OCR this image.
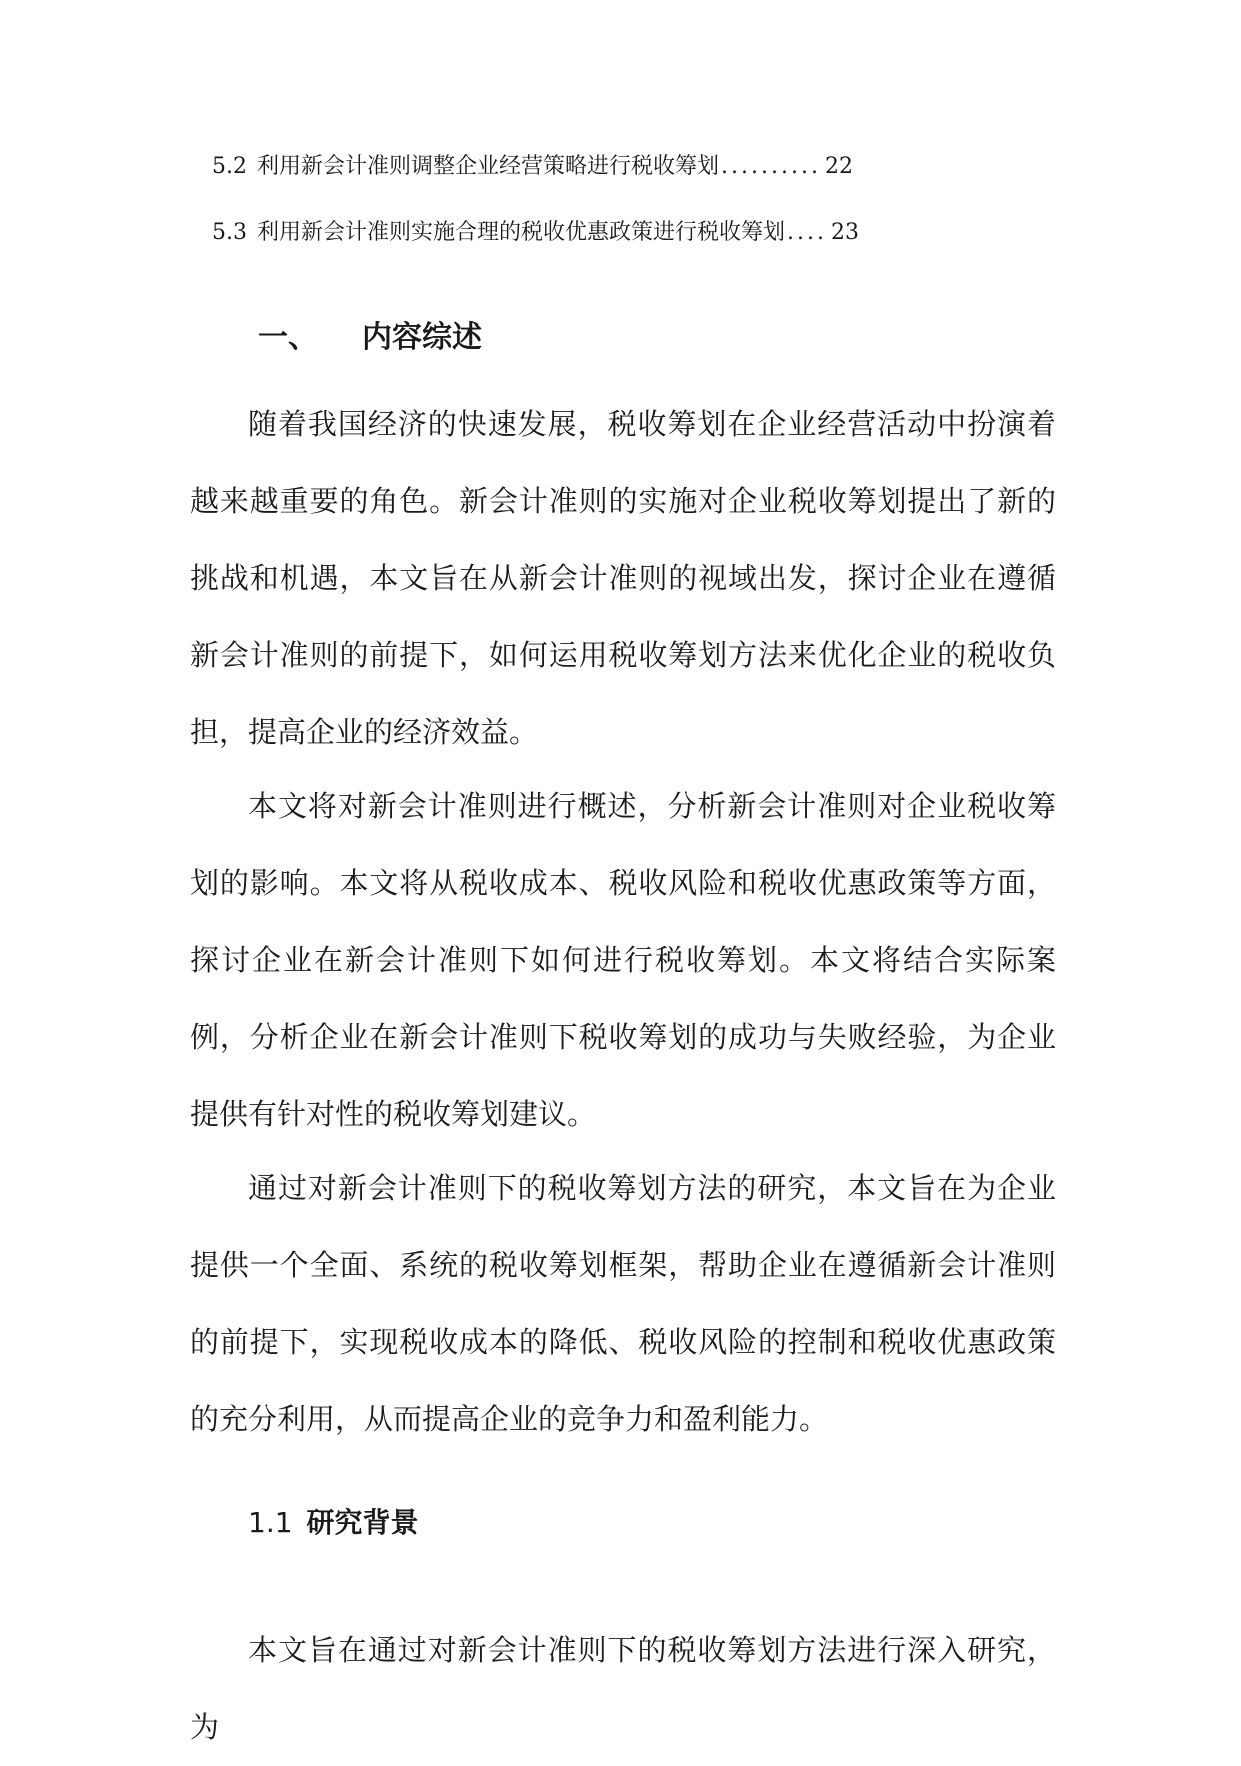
5.2 利用新会计准则调整企业经营策略进行税收筹划 .......... 22
5.3 利用新会计准则实施合理的税收优惠政策进行税收筹划 .... 23
一、 内容综述

随着我国经济的快速发展，税收筹划在企业经营活动中扮演着越来越重要的角色。新会计准则的实施对企业税收筹划提出了新的挑战和机遇，本文旨在从新会计准则的视域出发，探讨企业在遵循新会计准则的前提下，如何运用税收筹划方法来优化企业的税收负担，提高企业的经济效益。

本文将对新会计准则进行概述，分析新会计准则对企业税收筹划的影响。本文将从税收成本、税收风险和税收优惠政策等方面，探讨企业在新会计准则下如何进行税收筹划。本文将结合实际案例，分析企业在新会计准则下税收筹划的成功与失败经验，为企业提供有针对性的税收筹划建议。

通过对新会计准则下的税收筹划方法的研究，本文旨在为企业提供一个全面、系统的税收筹划框架，帮助企业在遵循新会计准则的前提下，实现税收成本的降低、税收风险的控制和税收优惠政策的充分利用，从而提高企业的竞争力和盈利能力。

1.1 研究背景

本文旨在通过对新会计准则下的税收筹划方法进行深入研究，为
